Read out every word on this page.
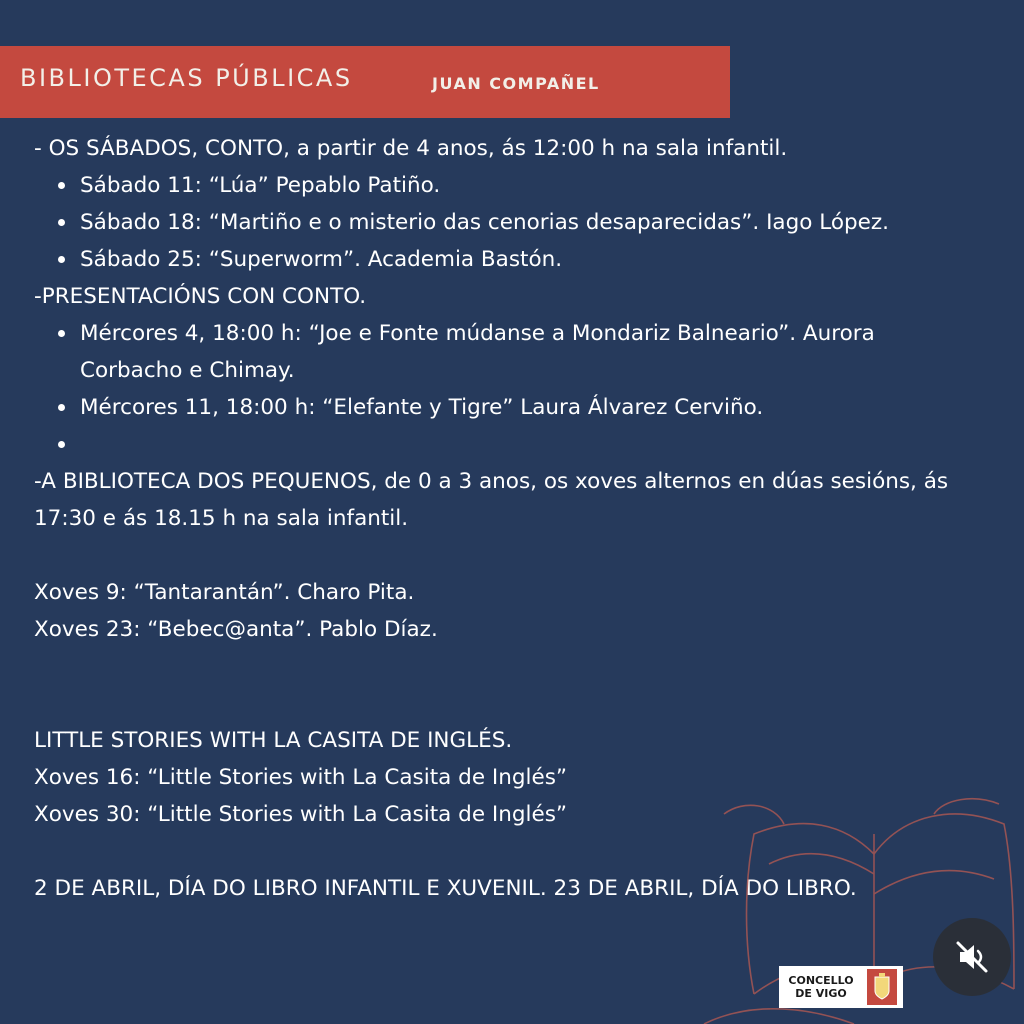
BIBLIOTECAS PÚBLICAS	JUAN COMPAÑEL
- OS SÁBADOS, CONTO, a partir de 4 anos, ás 12:00 h na sala infantil.
Sábado 11: “Lúa” Pepablo Patiño.
Sábado 18: “Martiño e o misterio das cenorias desaparecidas”. Iago López.
Sábado 25: “Superworm”. Academia Bastón.
-PRESENTACIÓNS CON CONTO.
Mércores 4, 18:00 h: “Joe e Fonte múdanse a Mondariz Balneario”. Aurora Corbacho e Chimay.
Mércores 11, 18:00 h: “Elefante y Tigre” Laura Álvarez Cerviño.
-A BIBLIOTECA DOS PEQUENOS, de 0 a 3 anos, os xoves alternos en dúas sesións, ás 17:30 e ás 18.15 h na sala infantil.
Xoves 9: “Tantarantán”. Charo Pita.
Xoves 23: “Bebec@anta”. Pablo Díaz.
LITTLE STORIES WITH LA CASITA DE INGLÉS.
Xoves 16: “Little Stories with La Casita de Inglés”
Xoves 30: “Little Stories with La Casita de Inglés”
2 DE ABRIL, DÍA DO LIBRO INFANTIL E XUVENIL. 23 DE ABRIL, DÍA DO LIBRO.
CONCELLO DE VIGO
